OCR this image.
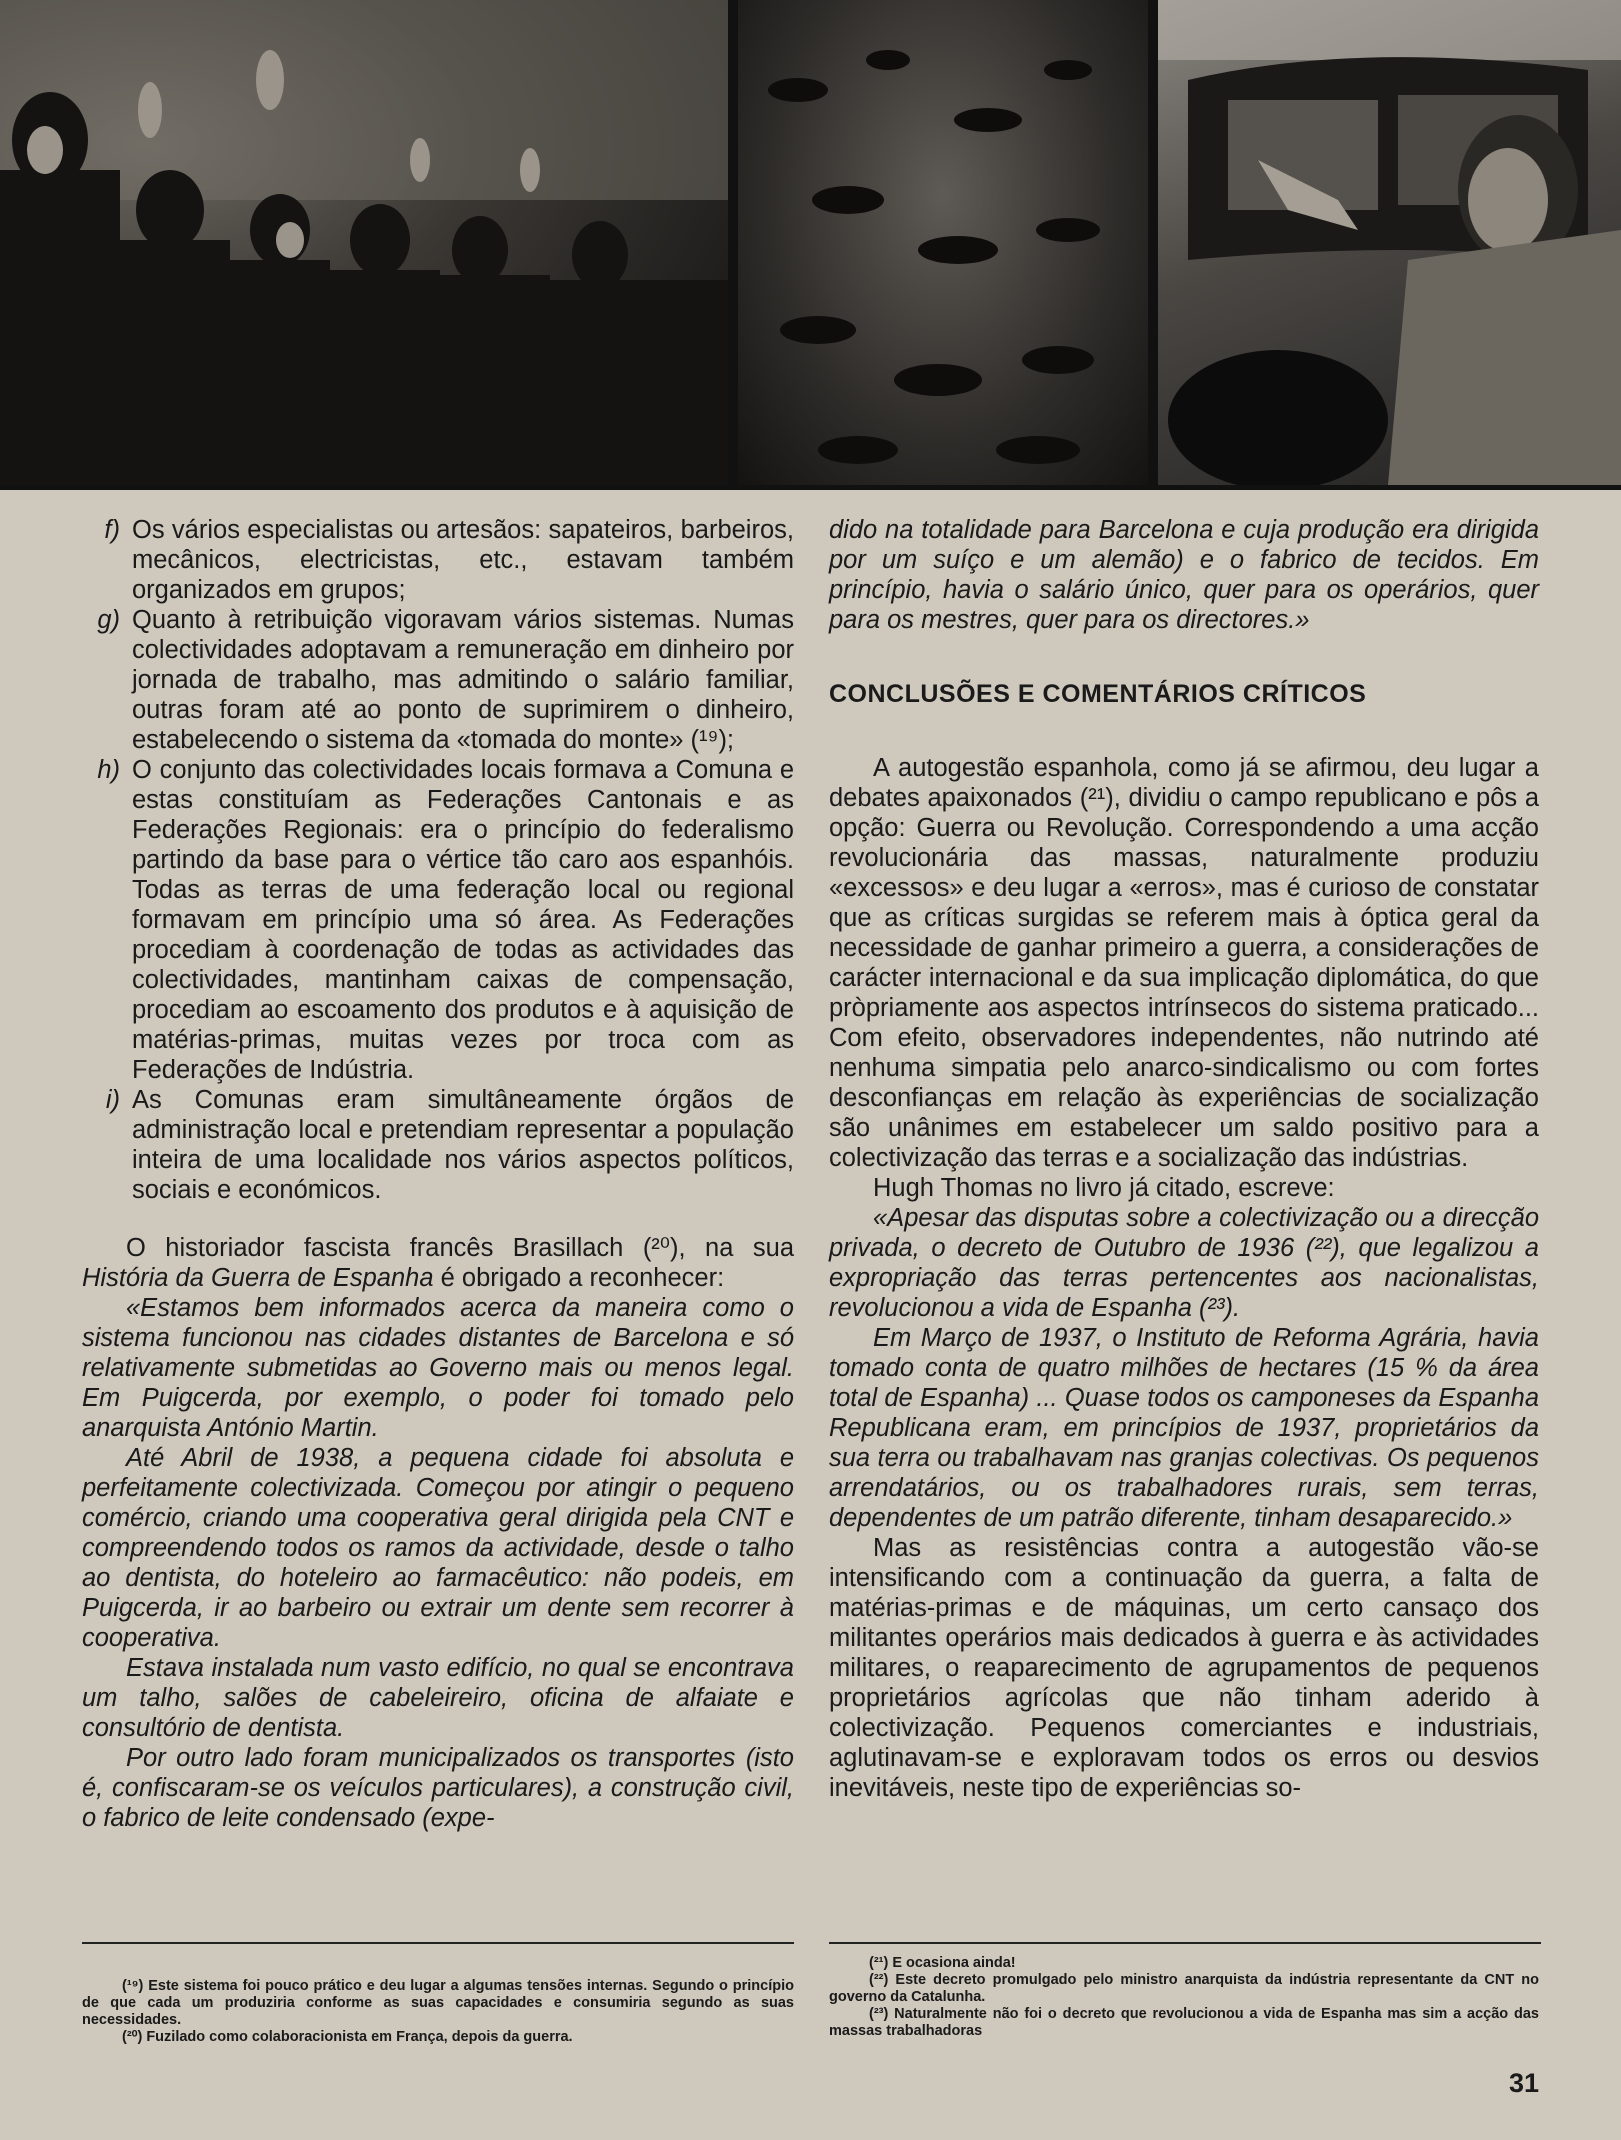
f) Os vários especialistas ou artesãos: sapateiros, barbeiros, mecânicos, electricistas, etc., estavam também organizados em grupos;
g) Quanto à retribuição vigoravam vários sistemas. Numas colectividades adoptavam a remuneração em dinheiro por jornada de trabalho, mas admitindo o salário familiar, outras foram até ao ponto de suprimirem o dinheiro, estabelecendo o sistema da «tomada do monte» (¹⁹);
h) O conjunto das colectividades locais formava a Comuna e estas constituíam as Federações Cantonais e as Federações Regionais: era o princípio do federalismo partindo da base para o vértice tão caro aos espanhóis. Todas as terras de uma federação local ou regional formavam em princípio uma só área. As Federações procediam à coordenação de todas as actividades das colectividades, mantinham caixas de compensação, procediam ao escoamento dos produtos e à aquisição de matérias-primas, muitas vezes por troca com as Federações de Indústria.
i) As Comunas eram simultâneamente órgãos de administração local e pretendiam representar a população inteira de uma localidade nos vários aspectos políticos, sociais e económicos.

O historiador fascista francês Brasillach (²⁰), na sua História da Guerra de Espanha é obrigado a reconhecer:

«Estamos bem informados acerca da maneira como o sistema funcionou nas cidades distantes de Barcelona e só relativamente submetidas ao Governo mais ou menos legal. Em Puigcerda, por exemplo, o poder foi tomado pelo anarquista António Martin.

Até Abril de 1938, a pequena cidade foi absoluta e perfeitamente colectivizada. Começou por atingir o pequeno comércio, criando uma cooperativa geral dirigida pela CNT e compreendendo todos os ramos da actividade, desde o talho ao dentista, do hoteleiro ao farmacêutico: não podeis, em Puigcerda, ir ao barbeiro ou extrair um dente sem recorrer à cooperativa.

Estava instalada num vasto edifício, no qual se encontrava um talho, salões de cabeleireiro, oficina de alfaiate e consultório de dentista.

Por outro lado foram municipalizados os transportes (isto é, confiscaram-se os veículos particulares), a construção civil, o fabrico de leite condensado (expe-

dido na totalidade para Barcelona e cuja produção era dirigida por um suíço e um alemão) e o fabrico de tecidos. Em princípio, havia o salário único, quer para os operários, quer para os mestres, quer para os directores.»

CONCLUSÕES E COMENTÁRIOS CRÍTICOS

A autogestão espanhola, como já se afirmou, deu lugar a debates apaixonados (²¹), dividiu o campo republicano e pôs a opção: Guerra ou Revolução. Correspondendo a uma acção revolucionária das massas, naturalmente produziu «excessos» e deu lugar a «erros», mas é curioso de constatar que as críticas surgidas se referem mais à óptica geral da necessidade de ganhar primeiro a guerra, a considerações de carácter internacional e da sua implicação diplomática, do que pròpriamente aos aspectos intrínsecos do sistema praticado... Com efeito, observadores independentes, não nutrindo até nenhuma simpatia pelo anarco-sindicalismo ou com fortes desconfianças em relação às experiências de socialização são unânimes em estabelecer um saldo positivo para a colectivização das terras e a socialização das indústrias.

Hugh Thomas no livro já citado, escreve:

«Apesar das disputas sobre a colectivização ou a direcção privada, o decreto de Outubro de 1936 (²²), que legalizou a expropriação das terras pertencentes aos nacionalistas, revolucionou a vida de Espanha (²³).

Em Março de 1937, o Instituto de Reforma Agrária, havia tomado conta de quatro milhões de hectares (15 % da área total de Espanha) ... Quase todos os camponeses da Espanha Republicana eram, em princípios de 1937, proprietários da sua terra ou trabalhavam nas granjas colectivas. Os pequenos arrendatários, ou os trabalhadores rurais, sem terras, dependentes de um patrão diferente, tinham desaparecido.»

Mas as resistências contra a autogestão vão-se intensificando com a continuação da guerra, a falta de matérias-primas e de máquinas, um certo cansaço dos militantes operários mais dedicados à guerra e às actividades militares, o reaparecimento de agrupamentos de pequenos proprietários agrícolas que não tinham aderido à colectivização. Pequenos comerciantes e industriais, aglutinavam-se e exploravam todos os erros ou desvios inevitáveis, neste tipo de experiências so-

(¹⁹) Este sistema foi pouco prático e deu lugar a algumas tensões internas. Segundo o princípio de que cada um produziria conforme as suas capacidades e consumiria segundo as suas necessidades.

(²⁰) Fuzilado como colaboracionista em França, depois da guerra.

(²¹) E ocasiona ainda!

(²²) Este decreto promulgado pelo ministro anarquista da indústria representante da CNT no governo da Catalunha.

(²³) Naturalmente não foi o decreto que revolucionou a vida de Espanha mas sim a acção das massas trabalhadoras

31
